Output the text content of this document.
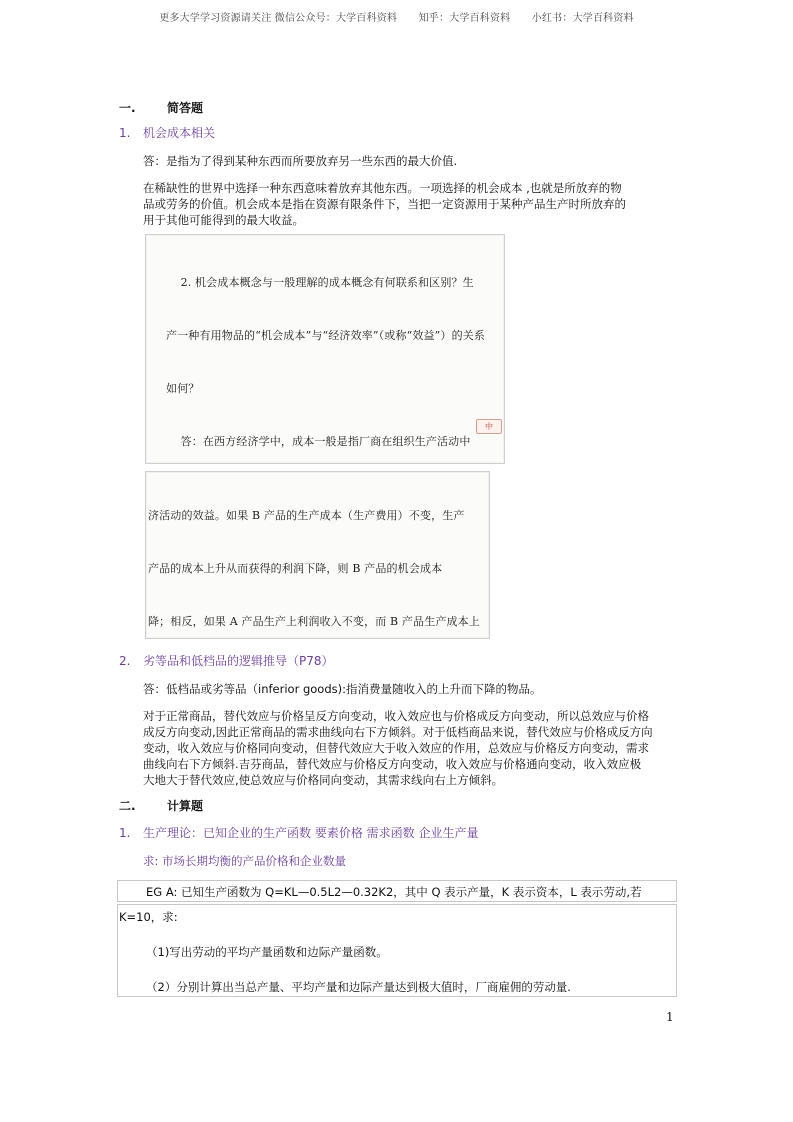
更多大学学习资源请关注 微信公众号：大学百科资料 知乎：大学百科资料 小红书：大学百科资料
一.	简答题
1. 机会成本相关
答：是指为了得到某种东西而所要放弃另一些东西的最大价值.
在稀缺性的世界中选择一种东西意味着放弃其他东西。一项选择的机会成本 ,也就是所放弃的物
品或劳务的价值。机会成本是指在资源有限条件下，当把一定资源用于某种产品生产时所放弃的
用于其他可能得到的最大收益。

2. 机会成本概念与一般理解的成本概念有何联系和区别？生

产一种有用物品的“机会成本”与“经济效率”（或称“效益”）的关系

如何？

答：在西方经济学中，成本一般是指厂商在组织生产活动中

中

济活动的效益。如果 B 产品的生产成本（生产费用）不变，生产

产品的成本上升从而获得的利润下降，则 B 产品的机会成本

降；相反，如果 A 产品生产上利润收入不变，而 B 产品生产成本上

2. 劣等品和低档品的逻辑推导（P78）
答：低档品或劣等品（inferior goods):指消费量随收入的上升而下降的物品。
对于正常商品，替代效应与价格呈反方向变动，收入效应也与价格成反方向变动，所以总效应与价格
成反方向变动,因此正常商品的需求曲线向右下方倾斜。对于低档商品来说，替代效应与价格成反方向
变动，收入效应与价格同向变动，但替代效应大于收入效应的作用，总效应与价格反方向变动，需求
曲线向右下方倾斜.吉芬商品，替代效应与价格反方向变动，收入效应与价格通向变动，收入效应极
大地大于替代效应,使总效应与价格同向变动，其需求线向右上方倾斜。
二.	计算题
1. 生产理论：已知企业的生产函数 要素价格 需求函数 企业生产量
求: 市场长期均衡的产品价格和企业数量
EG A: 已知生产函数为 Q=KL—0.5L2—0.32K2，其中 Q 表示产量，K 表示资本，L 表示劳动,若
K=10，求:
（1)写出劳动的平均产量函数和边际产量函数。
（2）分别计算出当总产量、平均产量和边际产量达到极大值时，厂商雇佣的劳动量.
1
